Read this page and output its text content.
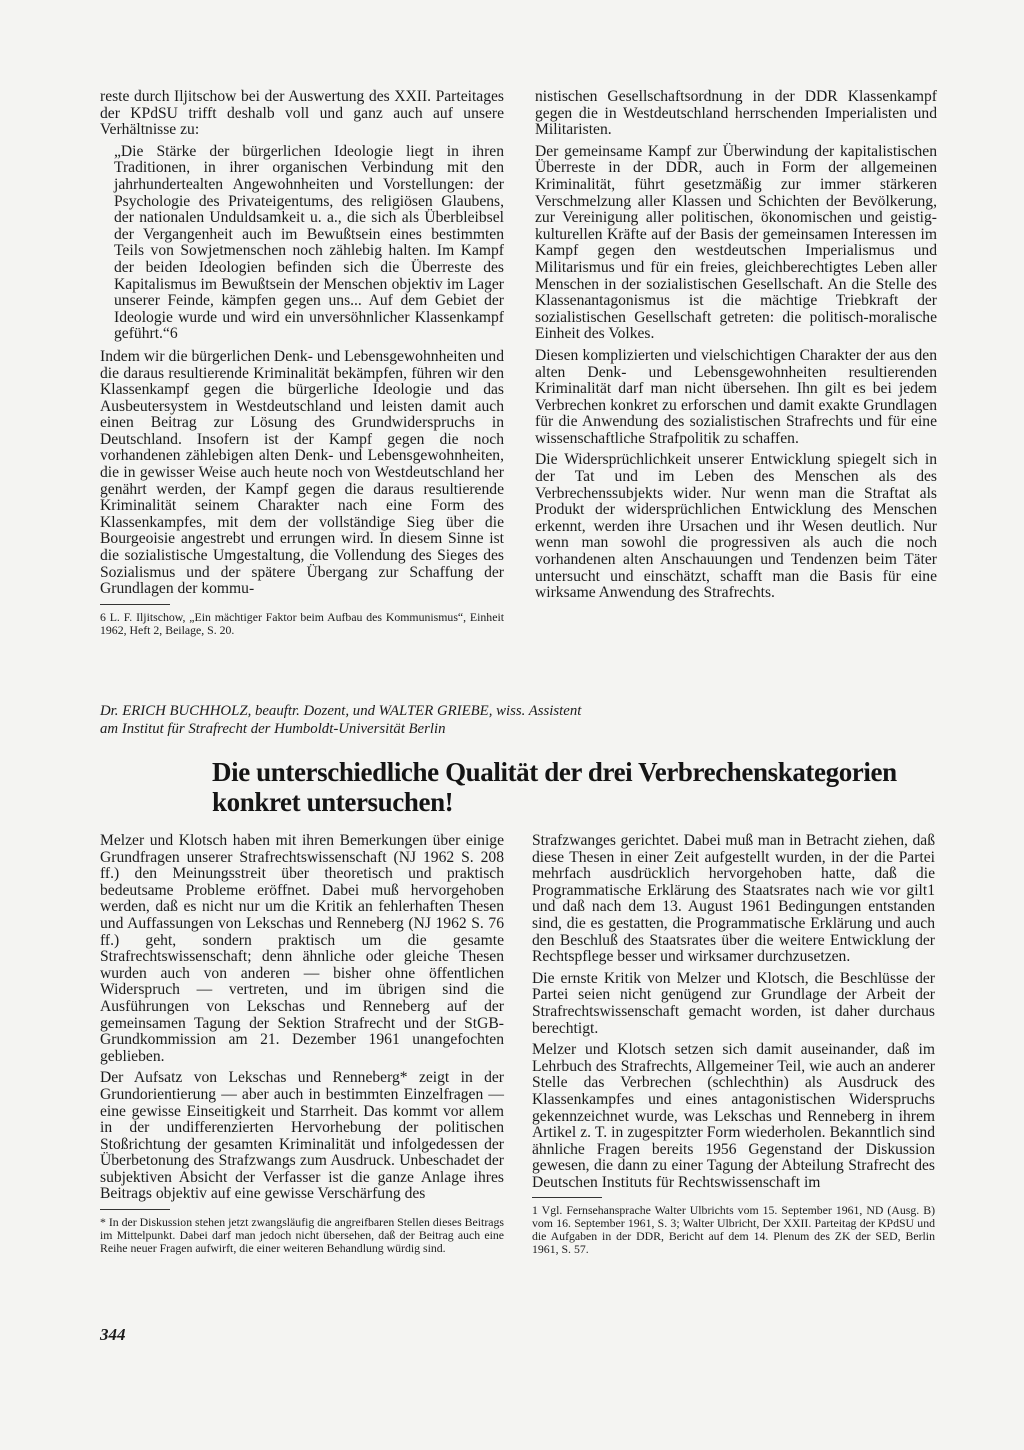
reste durch Iljitschow bei der Auswertung des XXII. Parteitages der KPdSU trifft deshalb voll und ganz auch auf unsere Verhältnisse zu:

„Die Stärke der bürgerlichen Ideologie liegt in ihren Traditionen, in ihrer organischen Verbindung mit den jahrhundertealten Angewohnheiten und Vorstellungen: der Psychologie des Privateigentums, des religiösen Glaubens, der nationalen Unduldsamkeit u. a., die sich als Überbleibsel der Vergangenheit auch im Bewußtsein eines bestimmten Teils von Sowjetmenschen noch zählebig halten. Im Kampf der beiden Ideologien befinden sich die Überreste des Kapitalismus im Bewußtsein der Menschen objektiv im Lager unserer Feinde, kämpfen gegen uns... Auf dem Gebiet der Ideologie wurde und wird ein unversöhnlicher Klassenkampf geführt.“6

Indem wir die bürgerlichen Denk- und Lebensgewohnheiten und die daraus resultierende Kriminalität bekämpfen, führen wir den Klassenkampf gegen die bürgerliche Ideologie und das Ausbeutersystem in Westdeutschland und leisten damit auch einen Beitrag zur Lösung des Grundwiderspruchs in Deutschland. Insofern ist der Kampf gegen die noch vorhandenen zählebigen alten Denk- und Lebensgewohnheiten, die in gewisser Weise auch heute noch von Westdeutschland her genährt werden, der Kampf gegen die daraus resultierende Kriminalität seinem Charakter nach eine Form des Klassenkampfes, mit dem der vollständige Sieg über die Bourgeoisie angestrebt und errungen wird. In diesem Sinne ist die sozialistische Umgestaltung, die Vollendung des Sieges des Sozialismus und der spätere Übergang zur Schaffung der Grundlagen der kommu-

6 L. F. Iljitschow, „Ein mächtiger Faktor beim Aufbau des Kommunismus“, Einheit 1962, Heft 2, Beilage, S. 20.

nistischen Gesellschaftsordnung in der DDR Klassenkampf gegen die in Westdeutschland herrschenden Imperialisten und Militaristen.

Der gemeinsame Kampf zur Überwindung der kapitalistischen Überreste in der DDR, auch in Form der allgemeinen Kriminalität, führt gesetzmäßig zur immer stärkeren Verschmelzung aller Klassen und Schichten der Bevölkerung, zur Vereinigung aller politischen, ökonomischen und geistig-kulturellen Kräfte auf der Basis der gemeinsamen Interessen im Kampf gegen den westdeutschen Imperialismus und Militarismus und für ein freies, gleichberechtigtes Leben aller Menschen in der sozialistischen Gesellschaft. An die Stelle des Klassenantagonismus ist die mächtige Triebkraft der sozialistischen Gesellschaft getreten: die politisch-moralische Einheit des Volkes.

Diesen komplizierten und vielschichtigen Charakter der aus den alten Denk- und Lebensgewohnheiten resultierenden Kriminalität darf man nicht übersehen. Ihn gilt es bei jedem Verbrechen konkret zu erforschen und damit exakte Grundlagen für die Anwendung des sozialistischen Strafrechts und für eine wissenschaftliche Strafpolitik zu schaffen.

Die Widersprüchlichkeit unserer Entwicklung spiegelt sich in der Tat und im Leben des Menschen als des Verbrechenssubjekts wider. Nur wenn man die Straftat als Produkt der widersprüchlichen Entwicklung des Menschen erkennt, werden ihre Ursachen und ihr Wesen deutlich. Nur wenn man sowohl die progressiven als auch die noch vorhandenen alten Anschauungen und Tendenzen beim Täter untersucht und einschätzt, schafft man die Basis für eine wirksame Anwendung des Strafrechts.

Dr. ERICH BUCHHOLZ, beauftr. Dozent, und WALTER GRIEBE, wiss. Assistent
am Institut für Strafrecht der Humboldt-Universität Berlin
Die unterschiedliche Qualität der drei Verbrechenskategorien
konkret untersuchen!

Melzer und Klotsch haben mit ihren Bemerkungen über einige Grundfragen unserer Strafrechtswissenschaft (NJ 1962 S. 208 ff.) den Meinungsstreit über theoretisch und praktisch bedeutsame Probleme eröffnet. Dabei muß hervorgehoben werden, daß es nicht nur um die Kritik an fehlerhaften Thesen und Auffassungen von Lekschas und Renneberg (NJ 1962 S. 76 ff.) geht, sondern praktisch um die gesamte Strafrechtswissenschaft; denn ähnliche oder gleiche Thesen wurden auch von anderen — bisher ohne öffentlichen Widerspruch — vertreten, und im übrigen sind die Ausführungen von Lekschas und Renneberg auf der gemeinsamen Tagung der Sektion Strafrecht und der StGB-Grundkommission am 21. Dezember 1961 unangefochten geblieben.

Der Aufsatz von Lekschas und Renneberg* zeigt in der Grundorientierung — aber auch in bestimmten Einzelfragen — eine gewisse Einseitigkeit und Starrheit. Das kommt vor allem in der undifferenzierten Hervorhebung der politischen Stoßrichtung der gesamten Kriminalität und infolgedessen der Überbetonung des Strafzwangs zum Ausdruck. Unbeschadet der subjektiven Absicht der Verfasser ist die ganze Anlage ihres Beitrags objektiv auf eine gewisse Verschärfung des

* In der Diskussion stehen jetzt zwangsläufig die angreifbaren Stellen dieses Beitrags im Mittelpunkt. Dabei darf man jedoch nicht übersehen, daß der Beitrag auch eine Reihe neuer Fragen aufwirft, die einer weiteren Behandlung würdig sind.

Strafzwanges gerichtet. Dabei muß man in Betracht ziehen, daß diese Thesen in einer Zeit aufgestellt wurden, in der die Partei mehrfach ausdrücklich hervorgehoben hatte, daß die Programmatische Erklärung des Staatsrates nach wie vor gilt1 und daß nach dem 13. August 1961 Bedingungen entstanden sind, die es gestatten, die Programmatische Erklärung und auch den Beschluß des Staatsrates über die weitere Entwicklung der Rechtspflege besser und wirksamer durchzusetzen.

Die ernste Kritik von Melzer und Klotsch, die Beschlüsse der Partei seien nicht genügend zur Grundlage der Arbeit der Strafrechtswissenschaft gemacht worden, ist daher durchaus berechtigt.

Melzer und Klotsch setzen sich damit auseinander, daß im Lehrbuch des Strafrechts, Allgemeiner Teil, wie auch an anderer Stelle das Verbrechen (schlechthin) als Ausdruck des Klassenkampfes und eines antagonistischen Widerspruchs gekennzeichnet wurde, was Lekschas und Renneberg in ihrem Artikel z. T. in zugespitzter Form wiederholen. Bekanntlich sind ähnliche Fragen bereits 1956 Gegenstand der Diskussion gewesen, die dann zu einer Tagung der Abteilung Strafrecht des Deutschen Instituts für Rechtswissenschaft im

1 Vgl. Fernsehansprache Walter Ulbrichts vom 15. September 1961, ND (Ausg. B) vom 16. September 1961, S. 3; Walter Ulbricht, Der XXII. Parteitag der KPdSU und die Aufgaben in der DDR, Bericht auf dem 14. Plenum des ZK der SED, Berlin 1961, S. 57.

344
